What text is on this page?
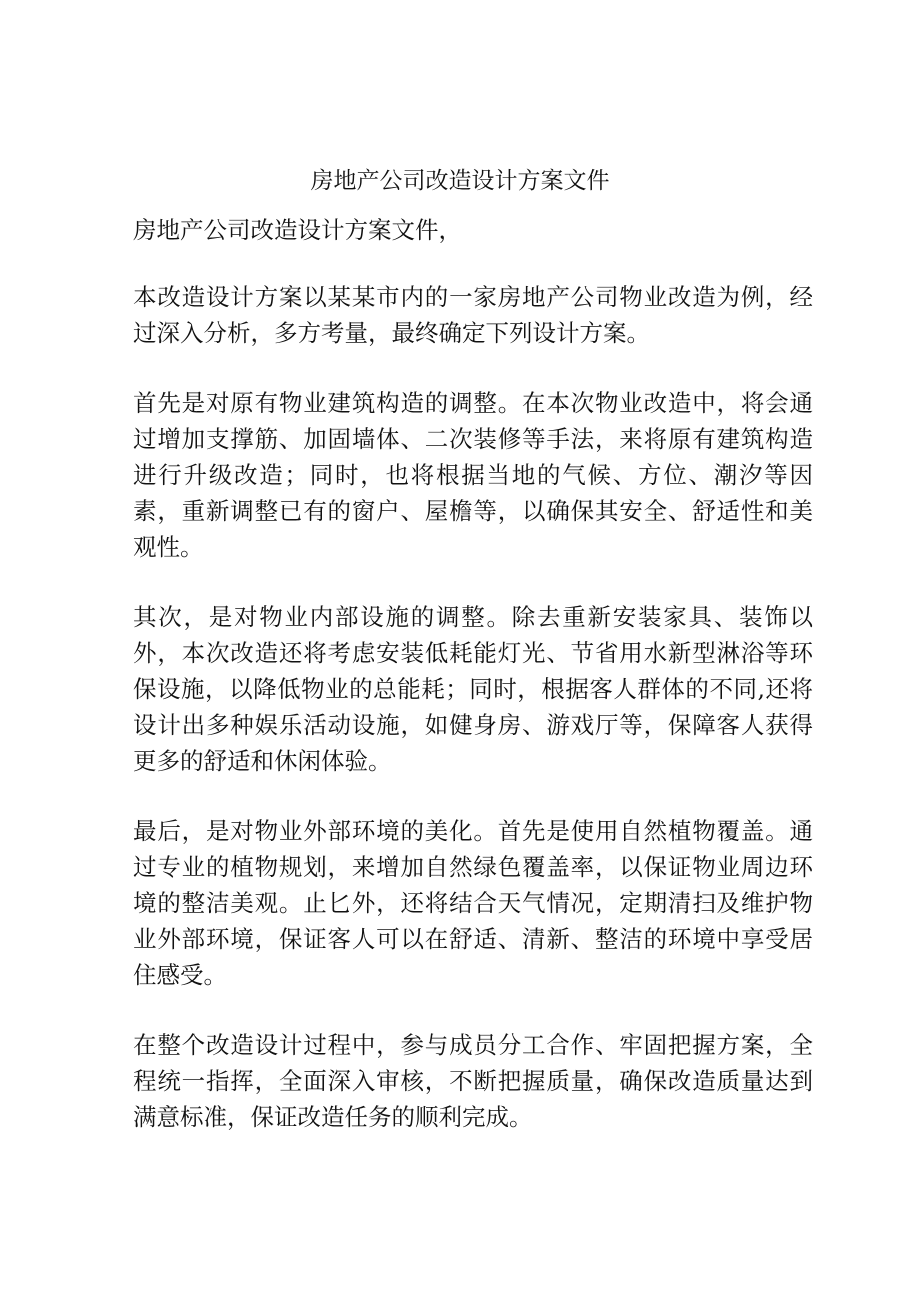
房地产公司改造设计方案文件

房地产公司改造设计方案文件，

本改造设计方案以某某市内的一家房地产公司物业改造为例，经过深入分析，多方考量，最终确定下列设计方案。

首先是对原有物业建筑构造的调整。在本次物业改造中，将会通过增加支撑筋、加固墙体、二次装修等手法，来将原有建筑构造进行升级改造；同时，也将根据当地的气候、方位、潮汐等因素，重新调整已有的窗户、屋檐等，以确保其安全、舒适性和美观性。

其次，是对物业内部设施的调整。除去重新安装家具、装饰以外，本次改造还将考虑安装低耗能灯光、节省用水新型淋浴等环保设施，以降低物业的总能耗；同时，根据客人群体的不同,还将设计出多种娱乐活动设施，如健身房、游戏厅等，保障客人获得更多的舒适和休闲体验。

最后，是对物业外部环境的美化。首先是使用自然植物覆盖。通过专业的植物规划，来增加自然绿色覆盖率，以保证物业周边环境的整洁美观。止匕外，还将结合天气情况，定期清扫及维护物业外部环境，保证客人可以在舒适、清新、整洁的环境中享受居住感受。

在整个改造设计过程中，参与成员分工合作、牢固把握方案，全程统一指挥，全面深入审核，不断把握质量，确保改造质量达到满意标准，保证改造任务的顺利完成。
